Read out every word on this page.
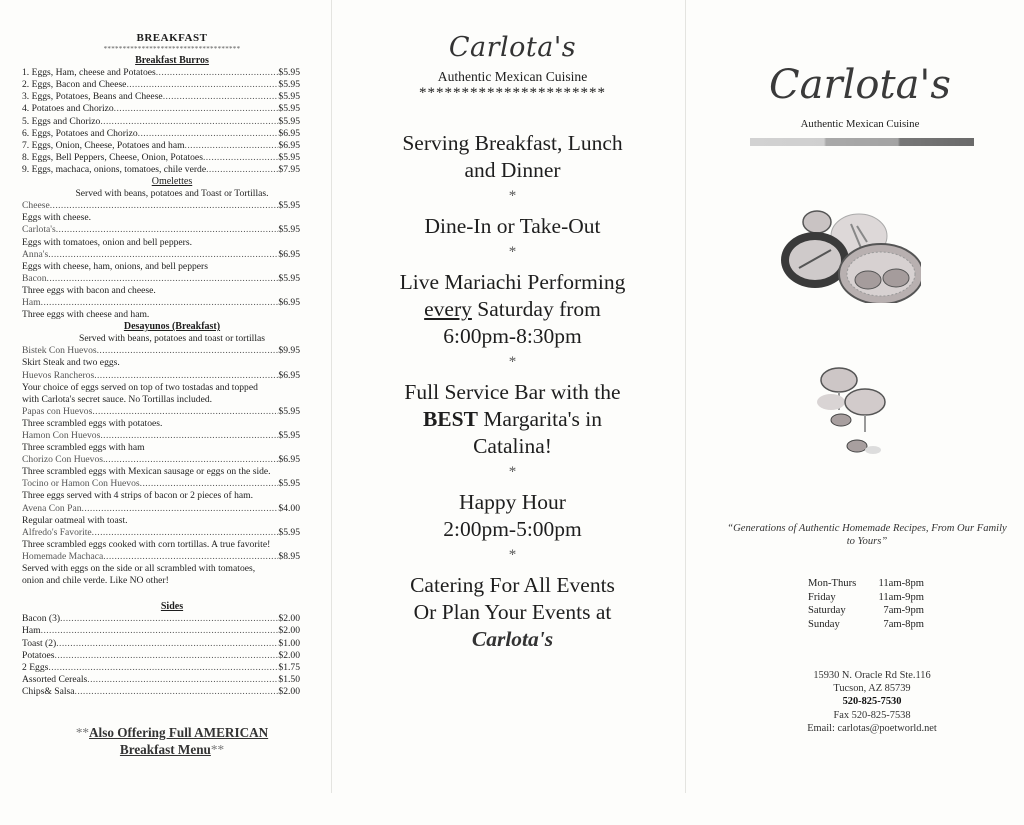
BREAKFAST
************************************
Breakfast Burros
1. Eggs, Ham, cheese and Potatoes .....	$5.95
2. Eggs, Bacon and Cheese .....	$5.95
3. Eggs, Potatoes, Beans and Cheese .....	$5.95
4. Potatoes and Chorizo .....	$5.95
5. Eggs and Chorizo .....	$5.95
6. Eggs, Potatoes and Chorizo .....	$6.95
7. Eggs, Onion, Cheese, Potatoes and ham .....	$6.95
8. Eggs, Bell Peppers, Cheese, Onion, Potatoes .....	$5.95
9. Eggs, machaca, onions, tomatoes, chile verde .....	$7.95
Omelettes
Served with beans, potatoes and Toast or Tortillas.
Cheese .....	$5.95
Eggs with cheese.
Carlota's .....	$5.95
Eggs with tomatoes, onion and bell peppers.
Anna's .....	$6.95
Eggs with cheese, ham, onions, and bell peppers
Bacon .....	$5.95
Three eggs with bacon and cheese.
Ham .....	$6.95
Three eggs with cheese and ham.
Desayunos (Breakfast)
Served with beans, potatoes and toast or tortillas
Bistek Con Huevos .....	$9.95
Skirt Steak and two eggs.
Huevos Rancheros .....	$6.95
Your choice of eggs served on top of two tostadas and topped
with Carlota's secret sauce. No Tortillas included.
Papas con Huevos .....	$5.95
Three scrambled eggs with potatoes.
Hamon Con Huevos .....	$5.95
Three scrambled eggs with ham
Chorizo Con Huevos. .....	$6.95
Three scrambled eggs with Mexican sausage or eggs on the side.
Tocino or Hamon Con Huevos .....	$5.95
Three eggs served with 4 strips of bacon or 2 pieces of ham.
Avena Con Pan .....	$4.00
Regular oatmeal with toast.
Alfredo's Favorite .....	$5.95
Three scrambled eggs cooked with corn tortillas. A true favorite!
Homemade Machaca .....	$8.95
Served with eggs on the side or all scrambled with tomatoes,
onion and chile verde. Like NO other!
Sides
Bacon (3) .....	$2.00
Ham .....	$2.00
Toast (2) .....	$1.00
Potatoes .....	$2.00
2 Eggs .....	$1.75
Assorted Cereals .....	$1.50
Chips& Salsa .....	$2.00
**Also Offering Full AMERICAN
Breakfast Menu**
Carlota's
Authentic Mexican Cuisine
**********************
Serving Breakfast, Lunch
and Dinner
*
Dine-In or Take-Out
*
Live Mariachi Performing
every Saturday from
6:00pm-8:30pm
*
Full Service Bar with the
BEST Margarita's in
Catalina!
*
Happy Hour
2:00pm-5:00pm
*
Catering For All Events
Or Plan Your Events at
Carlota's
Carlota's
Authentic Mexican Cuisine
“Generations of Authentic Homemade Recipes, From Our Family to Yours”
Mon-Thurs	11am-8pm
Friday	11am-9pm
Saturday	7am-9pm
Sunday	7am-8pm
15930 N. Oracle Rd Ste.116
Tucson, AZ 85739
520-825-7530
Fax 520-825-7538
Email: carlotas@poetworld.net
